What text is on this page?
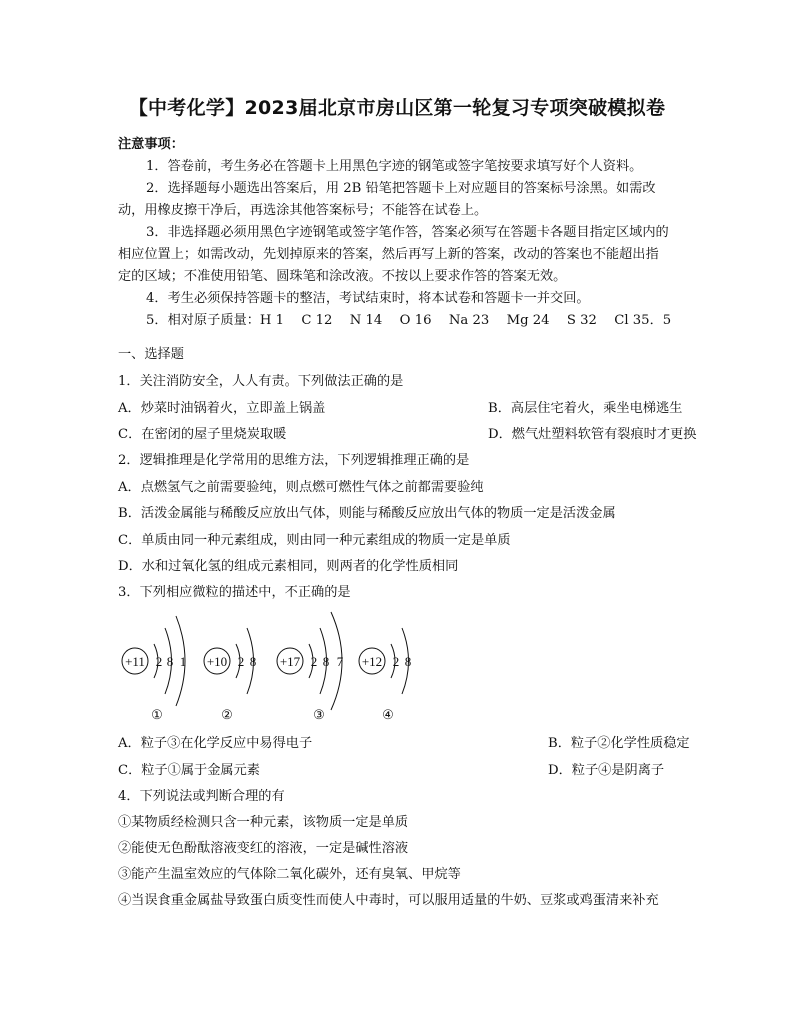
【中考化学】2023届北京市房山区第一轮复习专项突破模拟卷
注意事项：
1．答卷前，考生务必在答题卡上用黑色字迹的钢笔或签字笔按要求填写好个人资料。
2．选择题每小题选出答案后，用 2B 铅笔把答题卡上对应题目的答案标号涂黑。如需改
动，用橡皮擦干净后，再选涂其他答案标号；不能答在试卷上。
3．非选择题必须用黑色字迹钢笔或签字笔作答，答案必须写在答题卡各题目指定区域内的
相应位置上；如需改动，先划掉原来的答案，然后再写上新的答案，改动的答案也不能超出指
定的区域；不准使用铅笔、圆珠笔和涂改液。不按以上要求作答的答案无效。
4．考生必须保持答题卡的整洁，考试结束时，将本试卷和答题卡一并交回。
5．相对原子质量：H 1　 C 12　 N 14　 O 16　 Na 23　 Mg 24　 S 32　 Cl 35．5
一、选择题
1．关注消防安全，人人有责。下列做法正确的是
A．炒菜时油锅着火，立即盖上锅盖	B．高层住宅着火，乘坐电梯逃生
C．在密闭的屋子里烧炭取暖	D．燃气灶塑料软管有裂痕时才更换
2．逻辑推理是化学常用的思维方法，下列逻辑推理正确的是
A．点燃氢气之前需要验纯，则点燃可燃性气体之前都需要验纯
B．活泼金属能与稀酸反应放出气体，则能与稀酸反应放出气体的物质一定是活泼金属
C．单质由同一种元素组成，则由同一种元素组成的物质一定是单质
D．水和过氧化氢的组成元素相同，则两者的化学性质相同
3．下列相应微粒的描述中，不正确的是
+11 2 8 1
①
+10 2 8
②
+17 2 8 7
③
+12 2 8
④
A．粒子③在化学反应中易得电子	B．粒子②化学性质稳定
C．粒子①属于金属元素	D．粒子④是阴离子
4．下列说法或判断合理的有
①某物质经检测只含一种元素，该物质一定是单质
②能使无色酚酞溶液变红的溶液，一定是碱性溶液
③能产生温室效应的气体除二氧化碳外，还有臭氧、甲烷等
④当误食重金属盐导致蛋白质变性而使人中毒时，可以服用适量的牛奶、豆浆或鸡蛋清来补充
